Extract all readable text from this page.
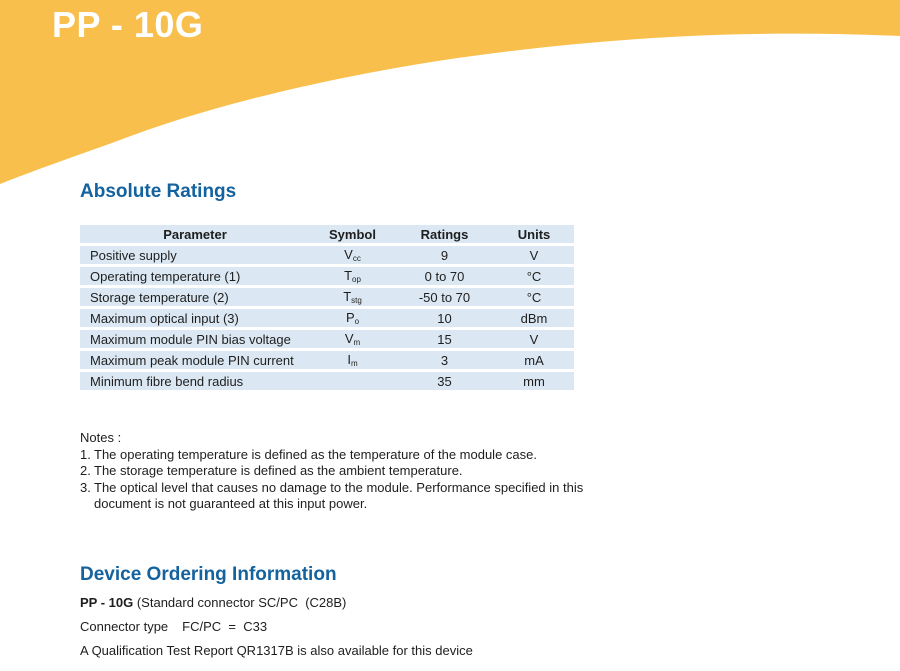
PP - 10G
Absolute Ratings
Parameter	Symbol	Ratings	Units
Positive supply	Vcc	9	V
Operating temperature (1)	Top	0 to 70	°C
Storage temperature (2)	Tstg	-50 to 70	°C
Maximum optical input (3)	Po	10	dBm
Maximum module PIN bias voltage	Vm	15	V
Maximum peak module PIN current	Im	3	mA
Minimum fibre bend radius		35	mm
Notes :
1. The operating temperature is defined as the temperature of the module case.
2. The storage temperature is defined as the ambient temperature.
3. The optical level that causes no damage to the module. Performance specified in this document is not guaranteed at this input power.
Device Ordering Information
PP - 10G (Standard connector SC/PC  (C28B)
Connector type FC/PC  =  C33
A Qualification Test Report QR1317B is also available for this device
